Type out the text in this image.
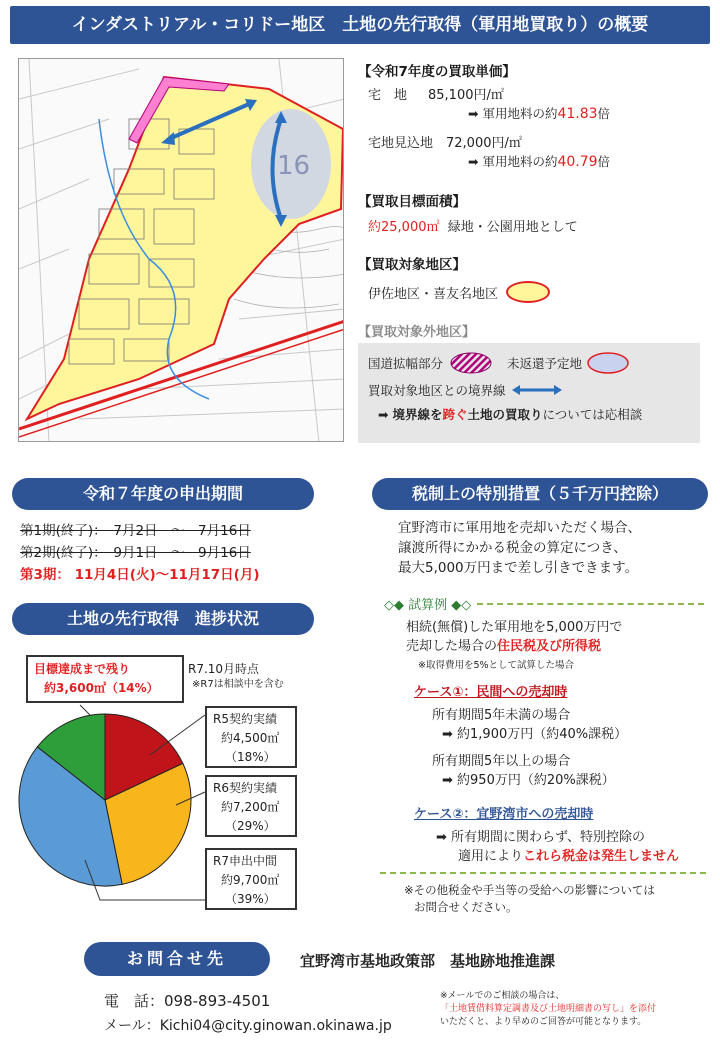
インダストリアル・コリドー地区　土地の先行取得（軍用地買取り）の概要
16
【令和7年度の買取単価】
宅　地 85,100円/㎡
➡ 軍用地料の約41.83倍
宅地見込地 72,000円/㎡
➡ 軍用地料の約40.79倍
【買取目標面積】
約25,000㎡ 緑地・公園用地として
【買取対象地区】
伊佐地区・喜友名地区
【買取対象外地区】
国道拡幅部分	未返還予定地
買取対象地区との境界線
➡ 境界線を跨ぐ土地の買取りについては応相談
令和７年度の申出期間
第1期(終了)：　7月2日　～　7月16日
第2期(終了)：　9月1日　～　9月16日
第3期： 11月4日(火)～11月17日(月)
土地の先行取得　進捗状況
R7.10月時点
※R7は相談中を含む
目標達成まで残り
約3,600㎡（14%）
R5契約実績
約4,500㎡
（18%）
R6契約実績
約7,200㎡
（29%）
R7申出中間
約9,700㎡
（39%）
税制上の特別措置（５千万円控除）
宜野湾市に軍用地を売却いただく場合、
譲渡所得にかかる税金の算定につき、
最大5,000万円まで差し引きできます。
◇◆ 試算例 ◆◇
相続(無償)した軍用地を5,000万円で
売却した場合の住民税及び所得税
※取得費用を5%として試算した場合
ケース①：民間への売却時
所有期間5年未満の場合
➡ 約1,900万円（約40%課税）
所有期間5年以上の場合
➡ 約950万円（約20%課税）
ケース②：宜野湾市への売却時
➡ 所有期間に関わらず、特別控除の
適用によりこれら税金は発生しません
※その他税金や手当等の受給への影響については
お問合せください。
お問合せ先	宜野湾市基地政策部　基地跡地推進課
電　話：098-893-4501
メール：Kichi04@city.ginowan.okinawa.jp
※メールでのご相談の場合は、
「土地賃借料算定調書及び土地明細書の写し」を添付
いただくと、より早めのご回答が可能となります。
